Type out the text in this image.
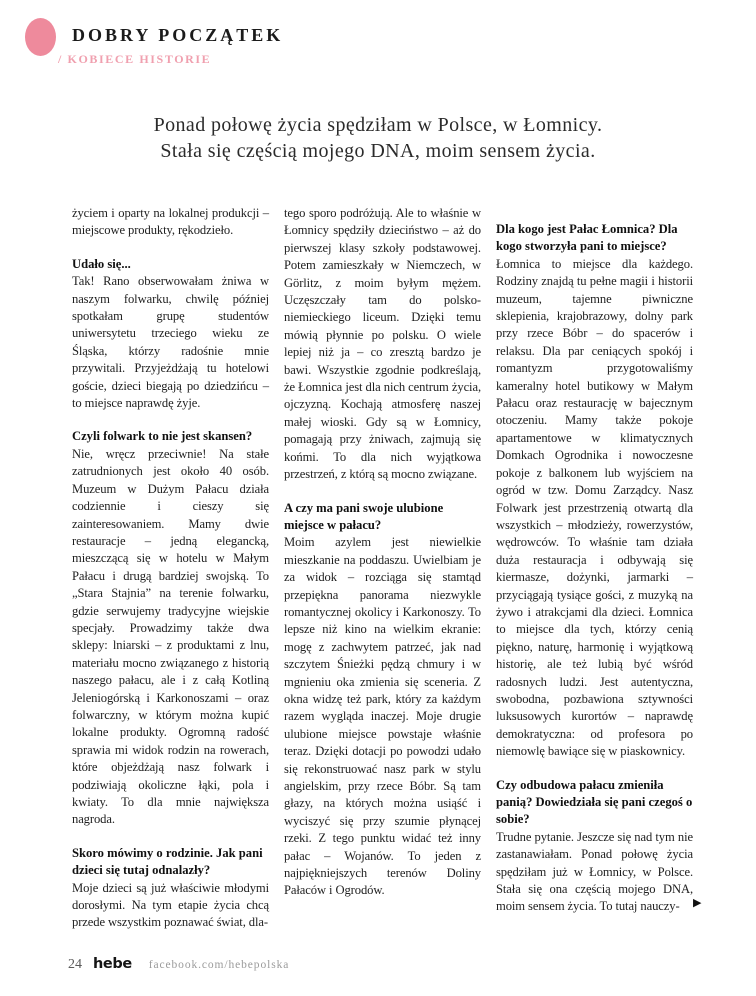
DOBRY POCZĄTEK
/ KOBIECE HISTORIE
Ponad połowę życia spędziłam w Polsce, w Łomnicy.
Stała się częścią mojego DNA, moim sensem życia.

życiem i oparty na lokalnej produkcji – miejscowe produkty, rękodzieło.

Udało się...

Tak! Rano obserwowałam żniwa w naszym folwarku, chwilę później spotkałam grupę studentów uniwersytetu trzeciego wieku ze Śląska, którzy radośnie mnie przywitali. Przyjeżdżają tu hotelowi goście, dzieci biegają po dziedzińcu – to miejsce naprawdę żyje.

Czyli folwark to nie jest skansen?

Nie, wręcz przeciwnie! Na stałe zatrudnionych jest około 40 osób. Muzeum w Dużym Pałacu działa codziennie i cieszy się zainteresowaniem. Mamy dwie restauracje – jedną elegancką, mieszczącą się w hotelu w Małym Pałacu i drugą bardziej swojską. To „Stara Stajnia” na terenie folwarku, gdzie serwujemy tradycyjne wiejskie specjały. Prowadzimy także dwa sklepy: lniarski – z produktami z lnu, materiału mocno związanego z historią naszego pałacu, ale i z całą Kotliną Jeleniogórską i Karkonoszami – oraz folwarczny, w którym można kupić lokalne produkty. Ogromną radość sprawia mi widok rodzin na rowerach, które objeżdżają nasz folwark i podziwiają okoliczne łąki, pola i kwiaty. To dla mnie największa nagroda.

Skoro mówimy o rodzinie. Jak pani dzieci się tutaj odnalazły?

Moje dzieci są już właściwie młodymi dorosłymi. Na tym etapie życia chcą przede wszystkim poznawać świat, dla-

tego sporo podróżują. Ale to właśnie w Łomnicy spędziły dzieciństwo – aż do pierwszej klasy szkoły podstawowej. Potem zamieszkały w Niemczech, w Görlitz, z moim byłym mężem. Uczęszczały tam do polsko-niemieckiego liceum. Dzięki temu mówią płynnie po polsku. O wiele lepiej niż ja – co zresztą bardzo je bawi. Wszystkie zgodnie podkreślają, że Łomnica jest dla nich centrum życia, ojczyzną. Kochają atmosferę naszej małej wioski. Gdy są w Łomnicy, pomagają przy żniwach, zajmują się końmi. To dla nich wyjątkowa przestrzeń, z którą są mocno związane.

A czy ma pani swoje ulubione miejsce w pałacu?

Moim azylem jest niewielkie mieszkanie na poddaszu. Uwielbiam je za widok – rozciąga się stamtąd przepiękna panorama niezwykle romantycznej okolicy i Karkonoszy. To lepsze niż kino na wielkim ekranie: mogę z zachwytem patrzeć, jak nad szczytem Śnieżki pędzą chmury i w mgnieniu oka zmienia się sceneria. Z okna widzę też park, który za każdym razem wygląda inaczej. Moje drugie ulubione miejsce powstaje właśnie teraz. Dzięki dotacji po powodzi udało się rekonstruować nasz park w stylu angielskim, przy rzece Bóbr. Są tam głazy, na których można usiąść i wyciszyć się przy szumie płynącej rzeki. Z tego punktu widać też inny pałac – Wojanów. To jeden z najpiękniejszych terenów Doliny Pałaców i Ogrodów.

Dla kogo jest Pałac Łomnica? Dla kogo stworzyła pani to miejsce?

Łomnica to miejsce dla każdego. Rodziny znajdą tu pełne magii i historii muzeum, tajemne piwniczne sklepienia, krajobrazowy, dolny park przy rzece Bóbr – do spacerów i relaksu. Dla par ceniących spokój i romantyzm przygotowaliśmy kameralny hotel butikowy w Małym Pałacu oraz restaurację w bajecznym otoczeniu. Mamy także pokoje apartamentowe w klimatycznych Domkach Ogrodnika i nowoczesne pokoje z balkonem lub wyjściem na ogród w tzw. Domu Zarządcy. Nasz Folwark jest przestrzenią otwartą dla wszystkich – młodzieży, rowerzystów, wędrowców. To właśnie tam działa duża restauracja i odbywają się kiermasze, dożynki, jarmarki – przyciągają tysiące gości, z muzyką na żywo i atrakcjami dla dzieci. Łomnica to miejsce dla tych, którzy cenią piękno, naturę, harmonię i wyjątkową historię, ale też lubią być wśród radosnych ludzi. Jest autentyczna, swobodna, pozbawiona sztywności luksusowych kurortów – naprawdę demokratyczna: od profesora po niemowlę bawiące się w piaskownicy.

Czy odbudowa pałacu zmieniła panią? Dowiedziała się pani czegoś o sobie?

Trudne pytanie. Jeszcze się nad tym nie zastanawiałam. Ponad połowę życia spędziłam już w Łomnicy, w Polsce. Stała się ona częścią mojego DNA, moim sensem życia. To tutaj nauczy-	▶
24 hebe facebook.com/hebepolska
